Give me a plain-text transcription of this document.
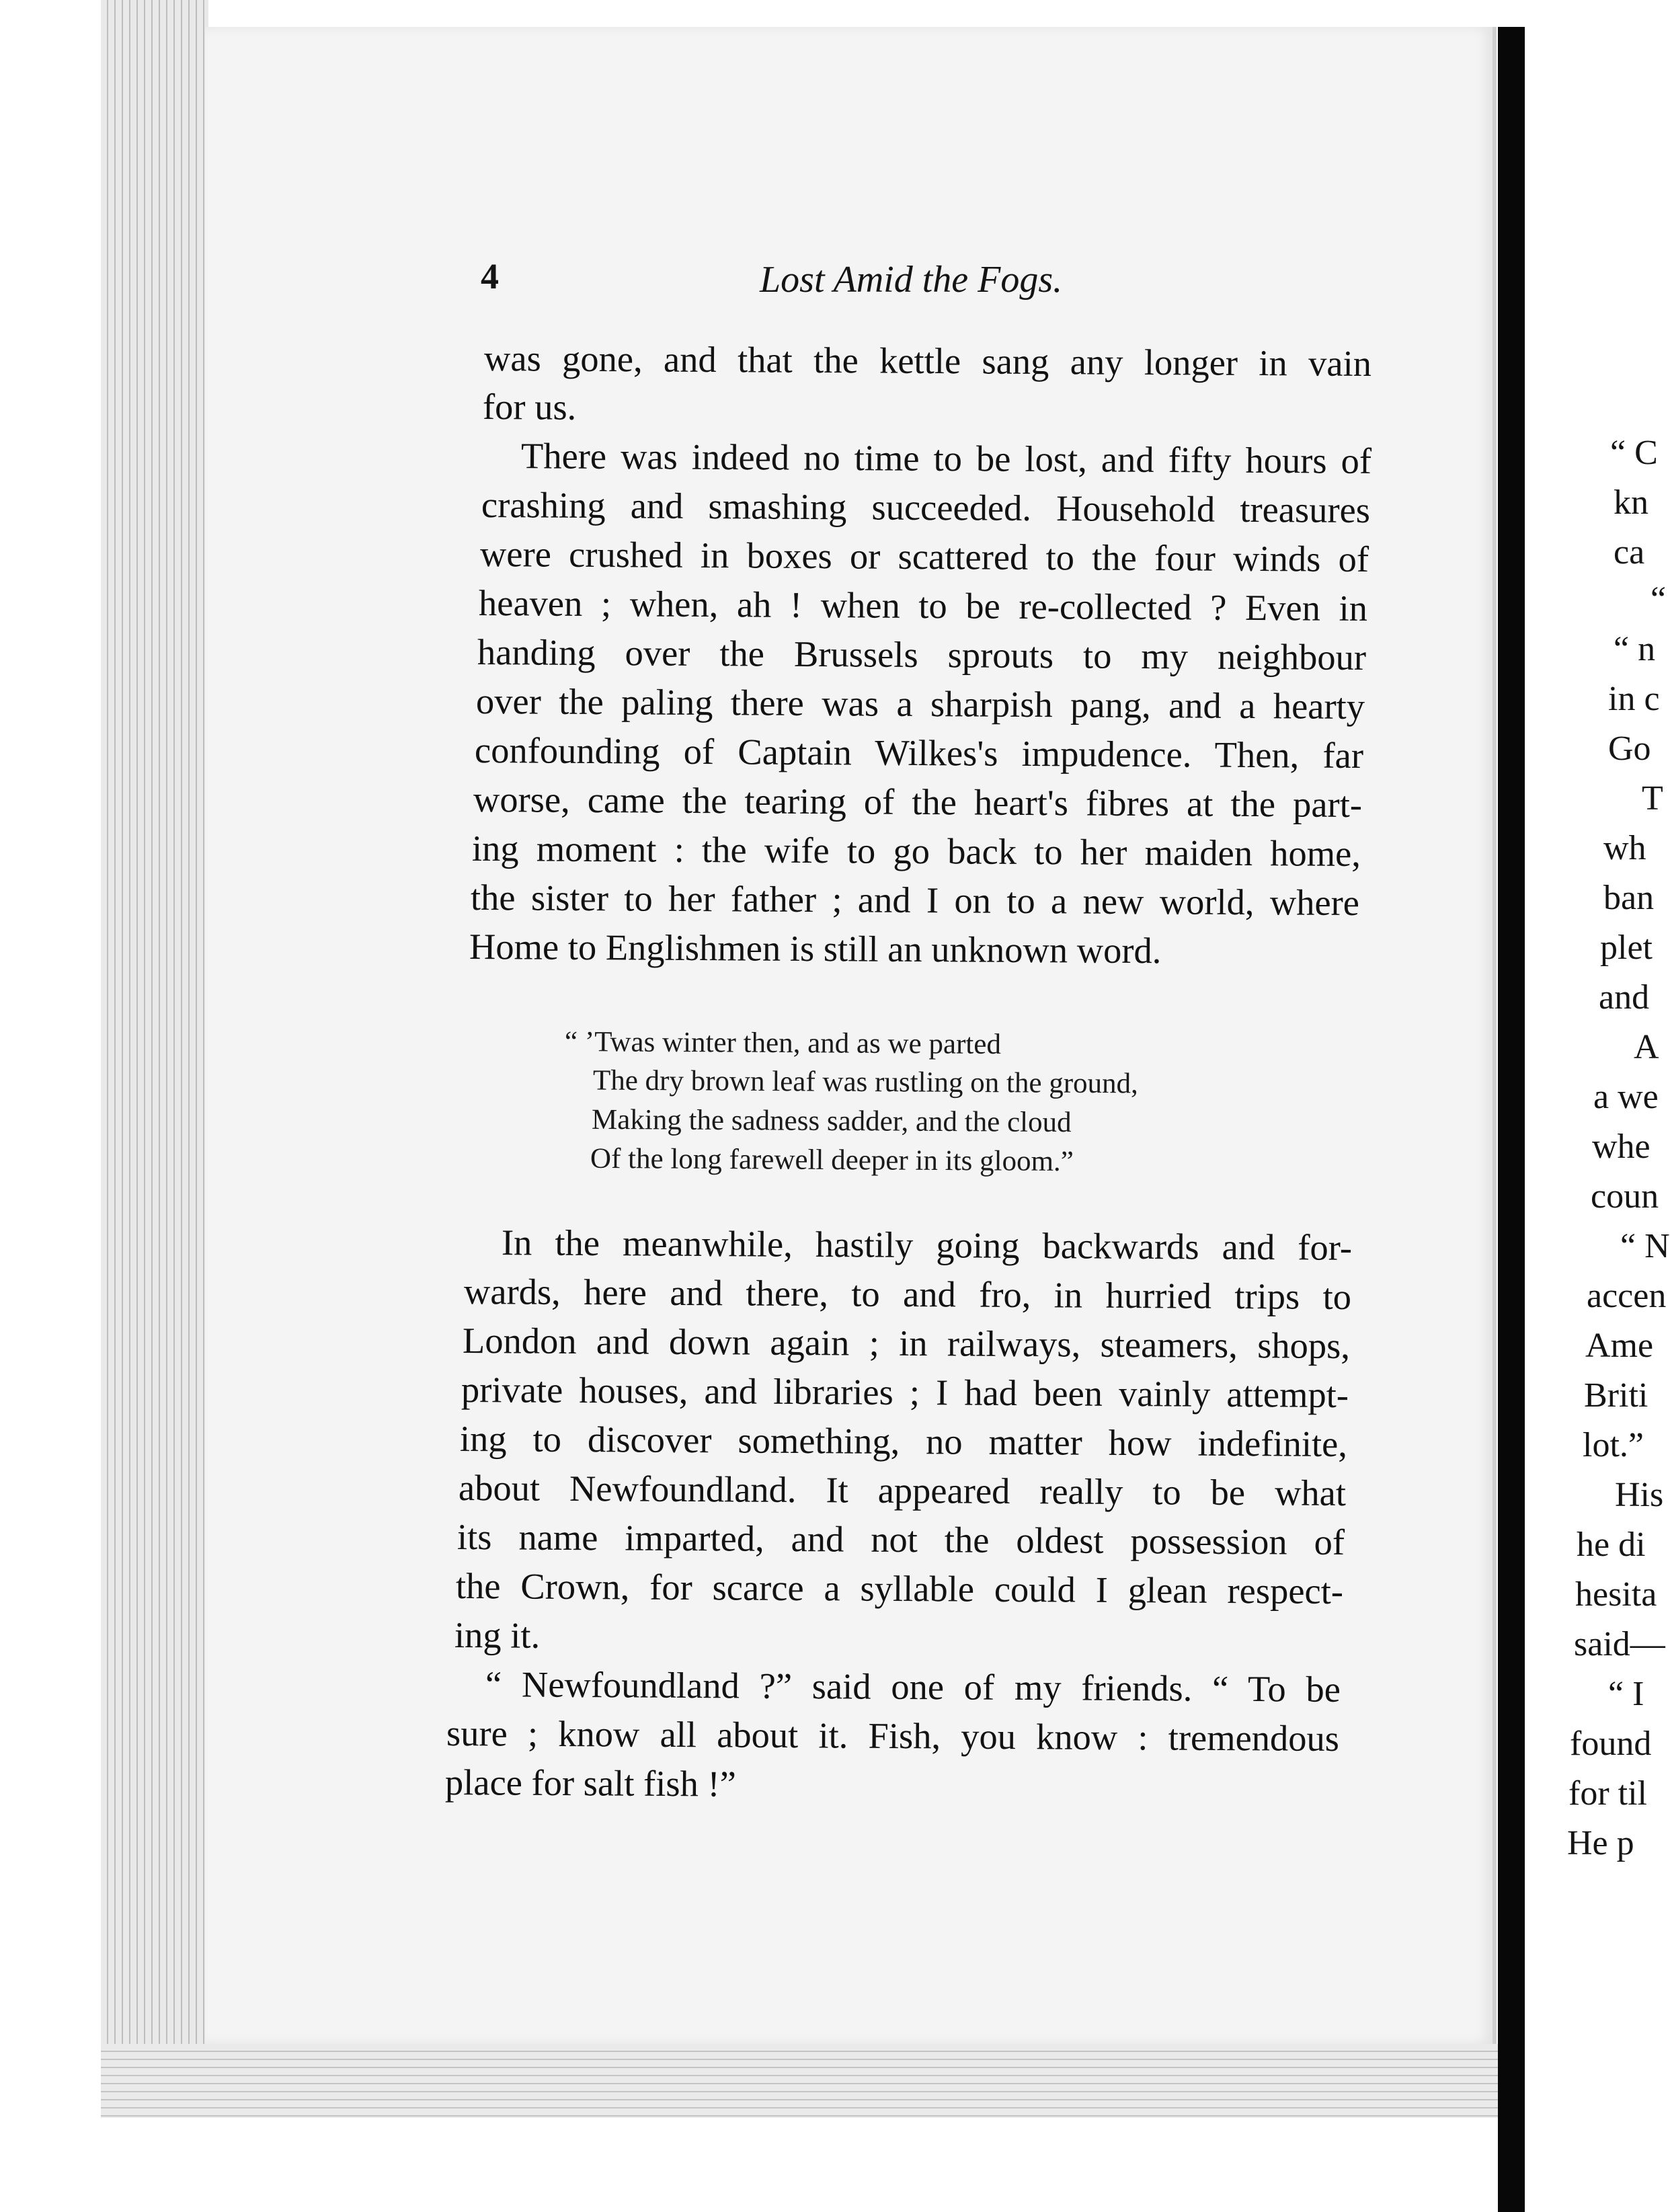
4	Lost Amid the Fogs.

was gone, and that the kettle sang any longer in vain

for us.

There was indeed no time to be lost, and fifty hours of

crashing and smashing succeeded. Household treasures

were crushed in boxes or scattered to the four winds of

heaven ; when, ah ! when to be re-collected ? Even in

handing over the Brussels sprouts to my neighbour

over the paling there was a sharpish pang, and a hearty

confounding of Captain Wilkes's impudence. Then, far

worse, came the tearing of the heart's fibres at the part-

ing moment : the wife to go back to her maiden home,

the sister to her father ; and I on to a new world, where

Home to Englishmen is still an unknown word.

“ ’Twas winter then, and as we parted

The dry brown leaf was rustling on the ground,

Making the sadness sadder, and the cloud

Of the long farewell deeper in its gloom.”

In the meanwhile, hastily going backwards and for-

wards, here and there, to and fro, in hurried trips to

London and down again ; in railways, steamers, shops,

private houses, and libraries ; I had been vainly attempt-

ing to discover something, no matter how indefinite,

about Newfoundland. It appeared really to be what

its name imparted, and not the oldest possession of

the Crown, for scarce a syllable could I glean respect-

ing it.

“ Newfoundland ?” said one of my friends. “ To be

sure ; know all about it. Fish, you know : tremendous

place for salt fish !”

“ C

kn

ca

“

“ n

in c

Go

T

wh

ban

plet

and

A

a we

whe

coun

“ N

accen

Ame

Briti

lot.”

His

he di

hesita

said—

“ I

found

for til

He p
